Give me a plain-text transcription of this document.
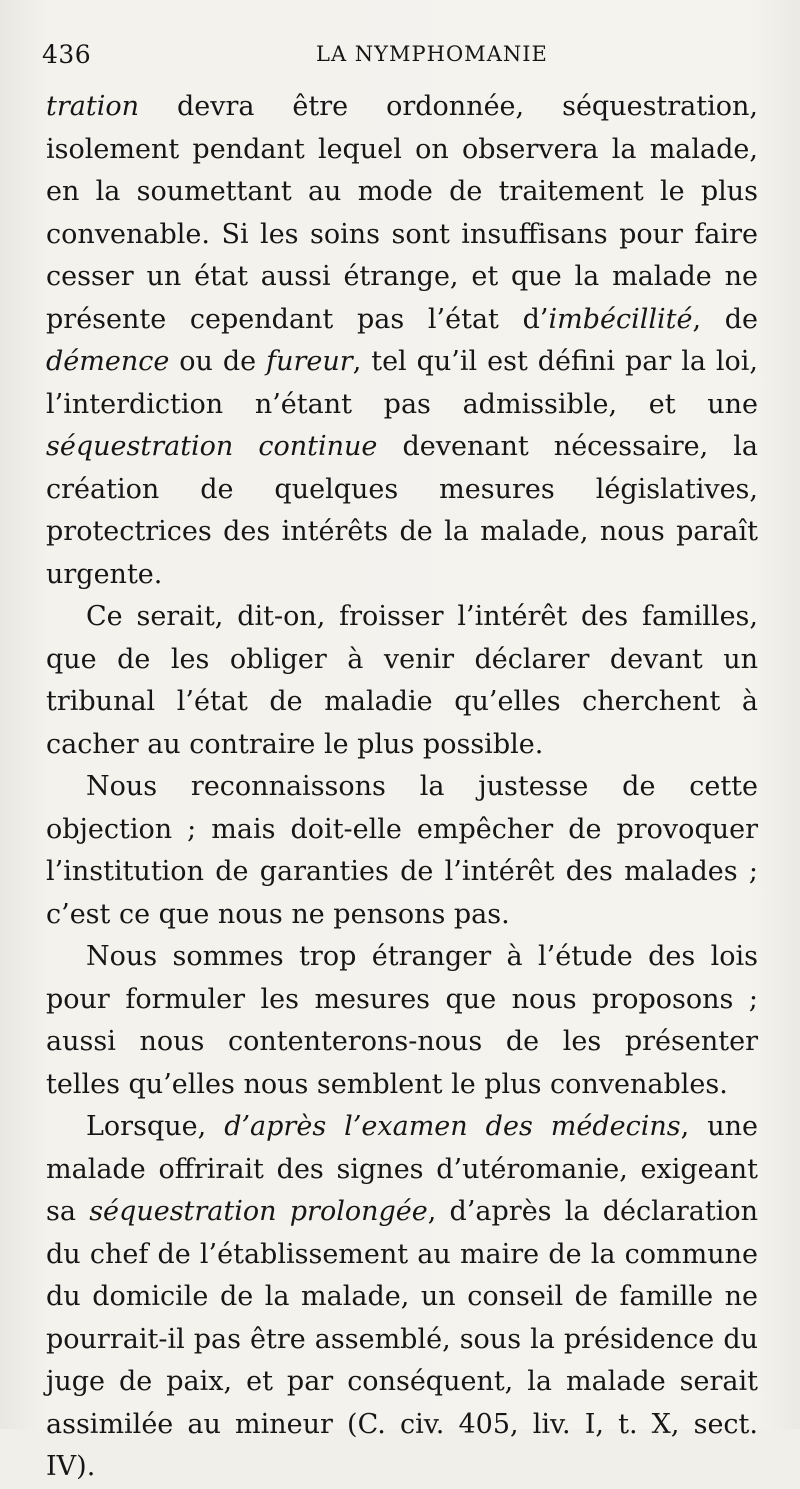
436	LA NYMPHOMANIE

tration devra être ordonnée, séquestration, isolement pendant lequel on observera la malade, en la soumettant au mode de traitement le plus convenable. Si les soins sont insuffisans pour faire cesser un état aussi étrange, et que la malade ne présente cependant pas l’état d’imbécillité, de démence ou de fureur, tel qu’il est défini par la loi, l’interdiction n’étant pas admissible, et une séquestration continue devenant nécessaire, la création de quelques mesures législatives, protectrices des intérêts de la malade, nous paraît urgente.

Ce serait, dit-on, froisser l’intérêt des familles, que de les obliger à venir déclarer devant un tribunal l’état de maladie qu’elles cherchent à cacher au contraire le plus possible.

Nous reconnaissons la justesse de cette objection ; mais doit-elle empêcher de provoquer l’institution de garanties de l’intérêt des malades ; c’est ce que nous ne pensons pas.

Nous sommes trop étranger à l’étude des lois pour formuler les mesures que nous proposons ; aussi nous contenterons-nous de les présenter telles qu’elles nous semblent le plus convenables.

Lorsque, d’après l’examen des médecins, une malade offrirait des signes d’utéromanie, exigeant sa séquestration prolongée, d’après la déclaration du chef de l’établissement au maire de la commune du domicile de la malade, un conseil de famille ne pourrait-il pas être assemblé, sous la présidence du juge de paix, et par conséquent, la malade serait assimilée au mineur (C. civ. 405, liv. I, t. X, sect. IV).
